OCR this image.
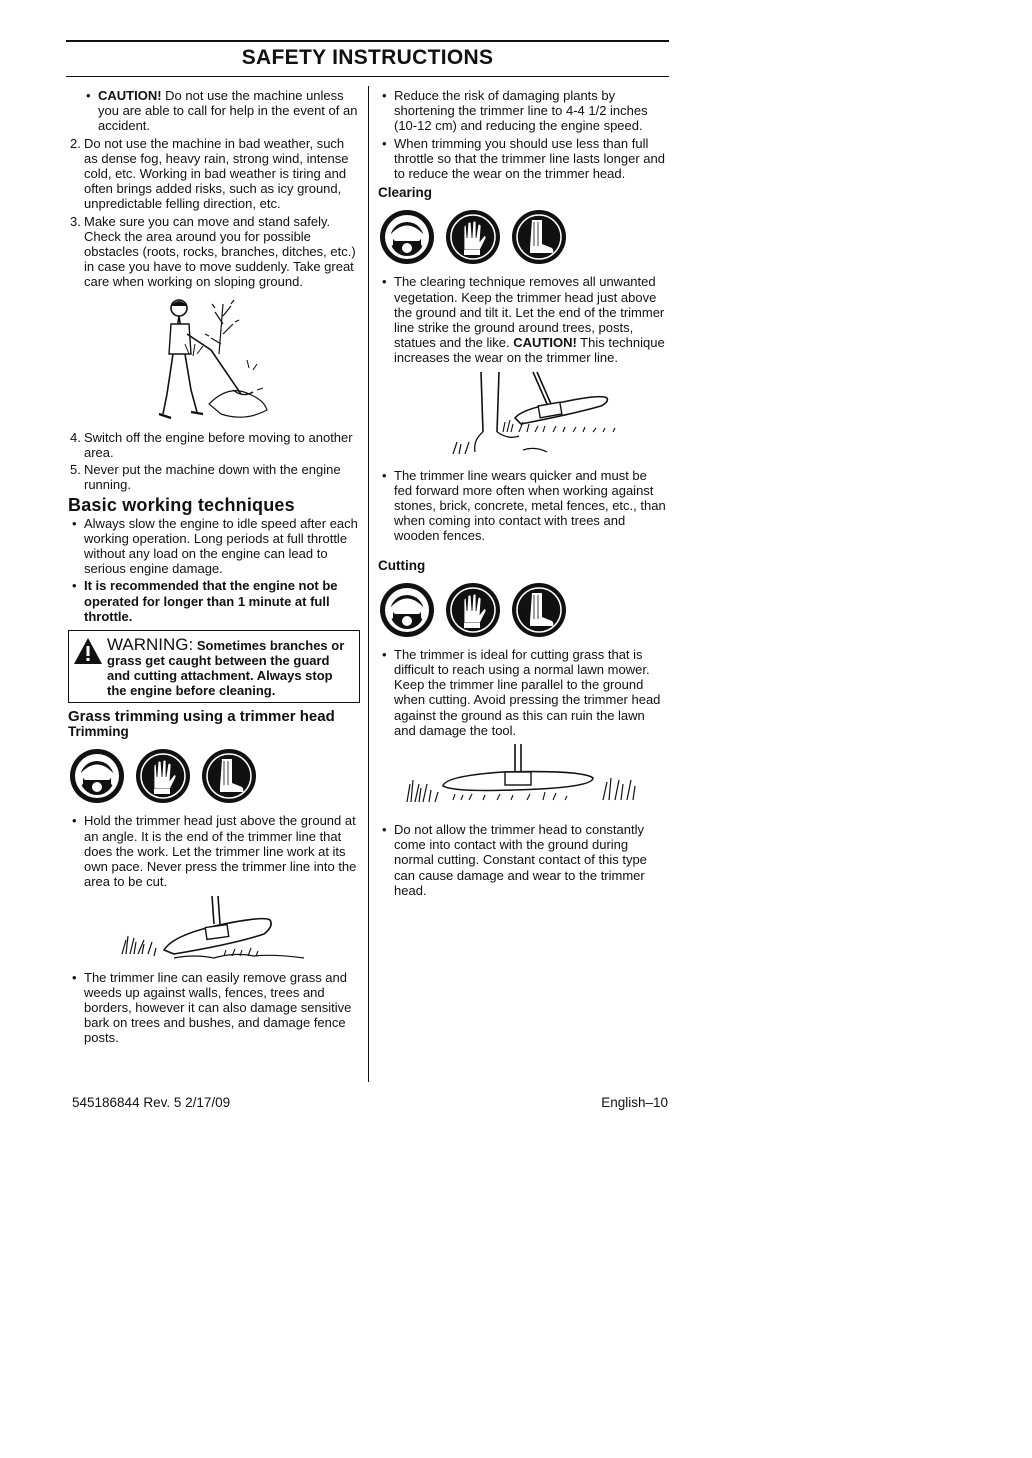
SAFETY INSTRUCTIONS
• CAUTION! Do not use the machine unless you are able to call for help in the event of an accident.
2. Do not use the machine in bad weather, such as dense fog, heavy rain, strong wind, intense cold, etc. Working in bad weather is tiring and often brings added risks, such as icy ground, unpredictable felling direction, etc.
3. Make sure you can move and stand safely. Check the area around you for possible obstacles (roots, rocks, branches, ditches, etc.) in case you have to move suddenly. Take great care when working on sloping ground.
4. Switch off the engine before moving to another area.
5. Never put the machine down with the engine running.
Basic working techniques
• Always slow the engine to idle speed after each working operation. Long periods at full throttle without any load on the engine can lead to serious engine damage.
• It is recommended that the engine not be operated for longer than 1 minute at full throttle.
WARNING: Sometimes branches or grass get caught between the guard and cutting attachment. Always stop the engine before cleaning.
Grass trimming using a trimmer head
Trimming
• Hold the trimmer head just above the ground at an angle. It is the end of the trimmer line that does the work. Let the trimmer line work at its own pace. Never press the trimmer line into the area to be cut.
• The trimmer line can easily remove grass and weeds up against walls, fences, trees and borders, however it can also damage sensitive bark on trees and bushes, and damage fence posts.
• Reduce the risk of damaging plants by shortening the trimmer line to 4-4 1/2 inches (10-12 cm) and reducing the engine speed.
• When trimming you should use less than full throttle so that the trimmer line lasts longer and to reduce the wear on the trimmer head.
Clearing
• The clearing technique removes all unwanted vegetation. Keep the trimmer head just above the ground and tilt it. Let the end of the trimmer line strike the ground around trees, posts, statues and the like. CAUTION! This technique increases the wear on the trimmer line.
• The trimmer line wears quicker and must be fed forward more often when working against stones, brick, concrete, metal fences, etc., than when coming into contact with trees and wooden fences.
Cutting
• The trimmer is ideal for cutting grass that is difficult to reach using a normal lawn mower. Keep the trimmer line parallel to the ground when cutting. Avoid pressing the trimmer head against the ground as this can ruin the lawn and damage the tool.
• Do not allow the trimmer head to constantly come into contact with the ground during normal cutting. Constant contact of this type can cause damage and wear to the trimmer head.
545186844 Rev. 5 2/17/09	English–10
